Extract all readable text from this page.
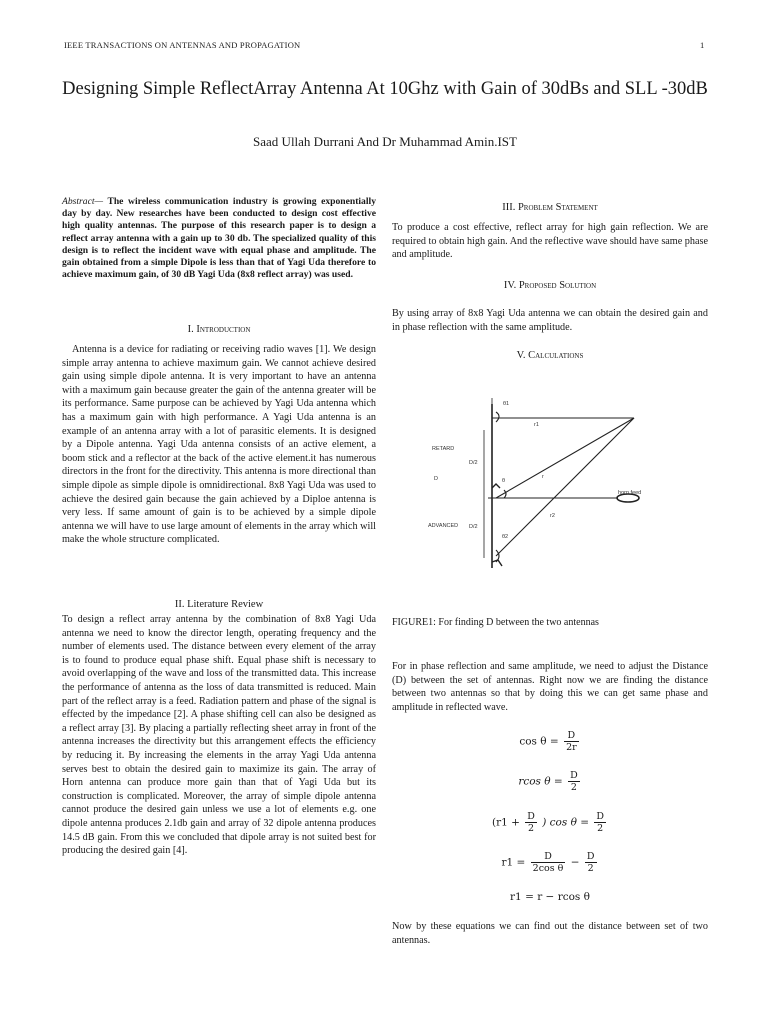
IEEE TRANSACTIONS ON ANTENNAS AND PROPAGATION	1
Designing Simple ReflectArray Antenna At 10Ghz with Gain of 30dBs and SLL -30dB
Saad Ullah Durrani And Dr Muhammad Amin.IST
Abstract— The wireless communication industry is growing exponentially day by day. New researches have been conducted to design cost effective high quality antennas. The purpose of this research paper is to design a reflect array antenna with a gain up to 30 db. The specialized quality of this design is to reflect the incident wave with equal phase and amplitude. The gain obtained from a simple Dipole is less than that of Yagi Uda therefore to achieve maximum gain, of 30 dB Yagi Uda (8x8 reflect array) was used.
I. Introduction
Antenna is a device for radiating or receiving radio waves [1]. We design simple array antenna to achieve maximum gain. We cannot achieve desired gain using simple dipole antenna. It is very important to have an antenna with a maximum gain because greater the gain of the antenna greater will be its performance. Same purpose can be achieved by Yagi Uda antenna which has a maximum gain with high performance. A Yagi Uda antenna is an example of an antenna array with a lot of parasitic elements. It is designed by a Dipole antenna. Yagi Uda antenna consists of an active element, a boom stick and a reflector at the back of the active element.it has numerous directors in the front for the directivity. This antenna is more directional than simple dipole as simple dipole is omnidirectional. 8x8 Yagi Uda was used to achieve the desired gain because the gain achieved by a Diploe antenna is very less. If same amount of gain is to be achieved by a simple dipole antenna we will have to use large amount of elements in the array which will make the whole structure complicated.
II. Literature Review
To design a reflect array antenna by the combination of 8x8 Yagi Uda antenna we need to know the director length, operating frequency and the number of elements used. The distance between every element of the array is to found to produce equal phase shift. Equal phase shift is necessary to avoid overlapping of the wave and loss of the transmitted data. This increase the performance of antenna as the loss of data transmitted is reduced. Main part of the reflect array is a feed. Radiation pattern and phase of the signal is effected by the impedance [2]. A phase shifting cell can also be designed as a reflect array [3]. By placing a partially reflecting sheet array in front of the antenna increases the directivity but this arrangement effects the efficiency by reducing it. By increasing the elements in the array Yagi Uda antenna serves best to obtain the desired gain to maximize its gain. The array of Horn antenna can produce more gain than that of Yagi Uda but its construction is complicated. Moreover, the array of simple dipole antenna cannot produce the desired gain unless we use a lot of elements e.g. one dipole antenna produces 2.1db gain and array of 32 dipole antenna produces 14.5 dB gain. From this we concluded that dipole array is not suited best for producing the desired gain [4].
III. Problem Statement
To produce a cost effective, reflect array for high gain reflection. We are required to obtain high gain. And the reflective wave should have same phase and amplitude.
IV. Proposed Solution
By using array of 8x8 Yagi Uda antenna we can obtain the desired gain and in phase reflection with the same amplitude.
V. Calculations
θ1
r1
RETARD
D/2
D	θ
r
horn feed
r2
ADVANCED D/2
θ2
FIGURE1: For finding D between the two antennas
For in phase reflection and same amplitude, we need to adjust the Distance (D) between the set of antennas. Right now we are finding the distance between two antennas so that by doing this we can get same phase and amplitude in reflected wave.
$\cos \theta = \frac{D}{2r}$
rcos $\theta = \frac{D}{2}$
($r1 + \frac{D}{2}$ ) $\cos \theta = \frac{D}{2}$
$r1 = \frac{D}{\text{2cos θ}} - \frac{D}{2}$
r1 = r − rcos θ
Now by these equations we can find out the distance between set of two antennas.
